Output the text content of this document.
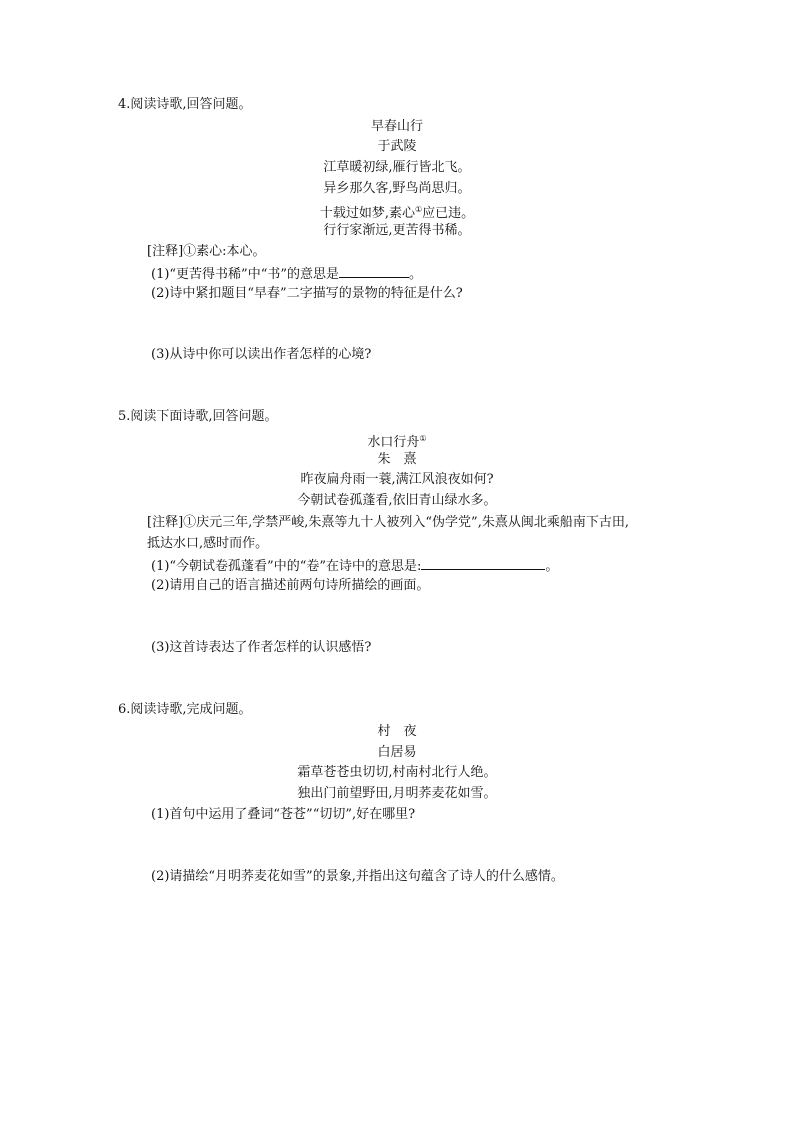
4.阅读诗歌,回答问题。
早春山行
于武陵
江草暖初绿,雁行皆北飞。
异乡那久客,野鸟尚思归。
十载过如梦,素心①应已违。
行行家渐远,更苦得书稀。
[注释]①素心:本心。
(1)“更苦得书稀”中“书”的意思是	。
(2)诗中紧扣题目“早春”二字描写的景物的特征是什么?
(3)从诗中你可以读出作者怎样的心境?
5.阅读下面诗歌,回答问题。
水口行舟①
朱　熹
昨夜扁舟雨一蓑,满江风浪夜如何?
今朝试卷孤蓬看,依旧青山绿水多。
[注释]①庆元三年,学禁严峻,朱熹等九十人被列入“伪学党”,朱熹从闽北乘船南下古田,
抵达水口,感时而作。
(1)“今朝试卷孤蓬看”中的“卷”在诗中的意思是:	。
(2)请用自己的语言描述前两句诗所描绘的画面。
(3)这首诗表达了作者怎样的认识感悟?
6.阅读诗歌,完成问题。
村　夜
白居易
霜草苍苍虫切切,村南村北行人绝。
独出门前望野田,月明荞麦花如雪。
(1)首句中运用了叠词“苍苍”“切切”,好在哪里?
(2)请描绘“月明荞麦花如雪”的景象,并指出这句蕴含了诗人的什么感情。
